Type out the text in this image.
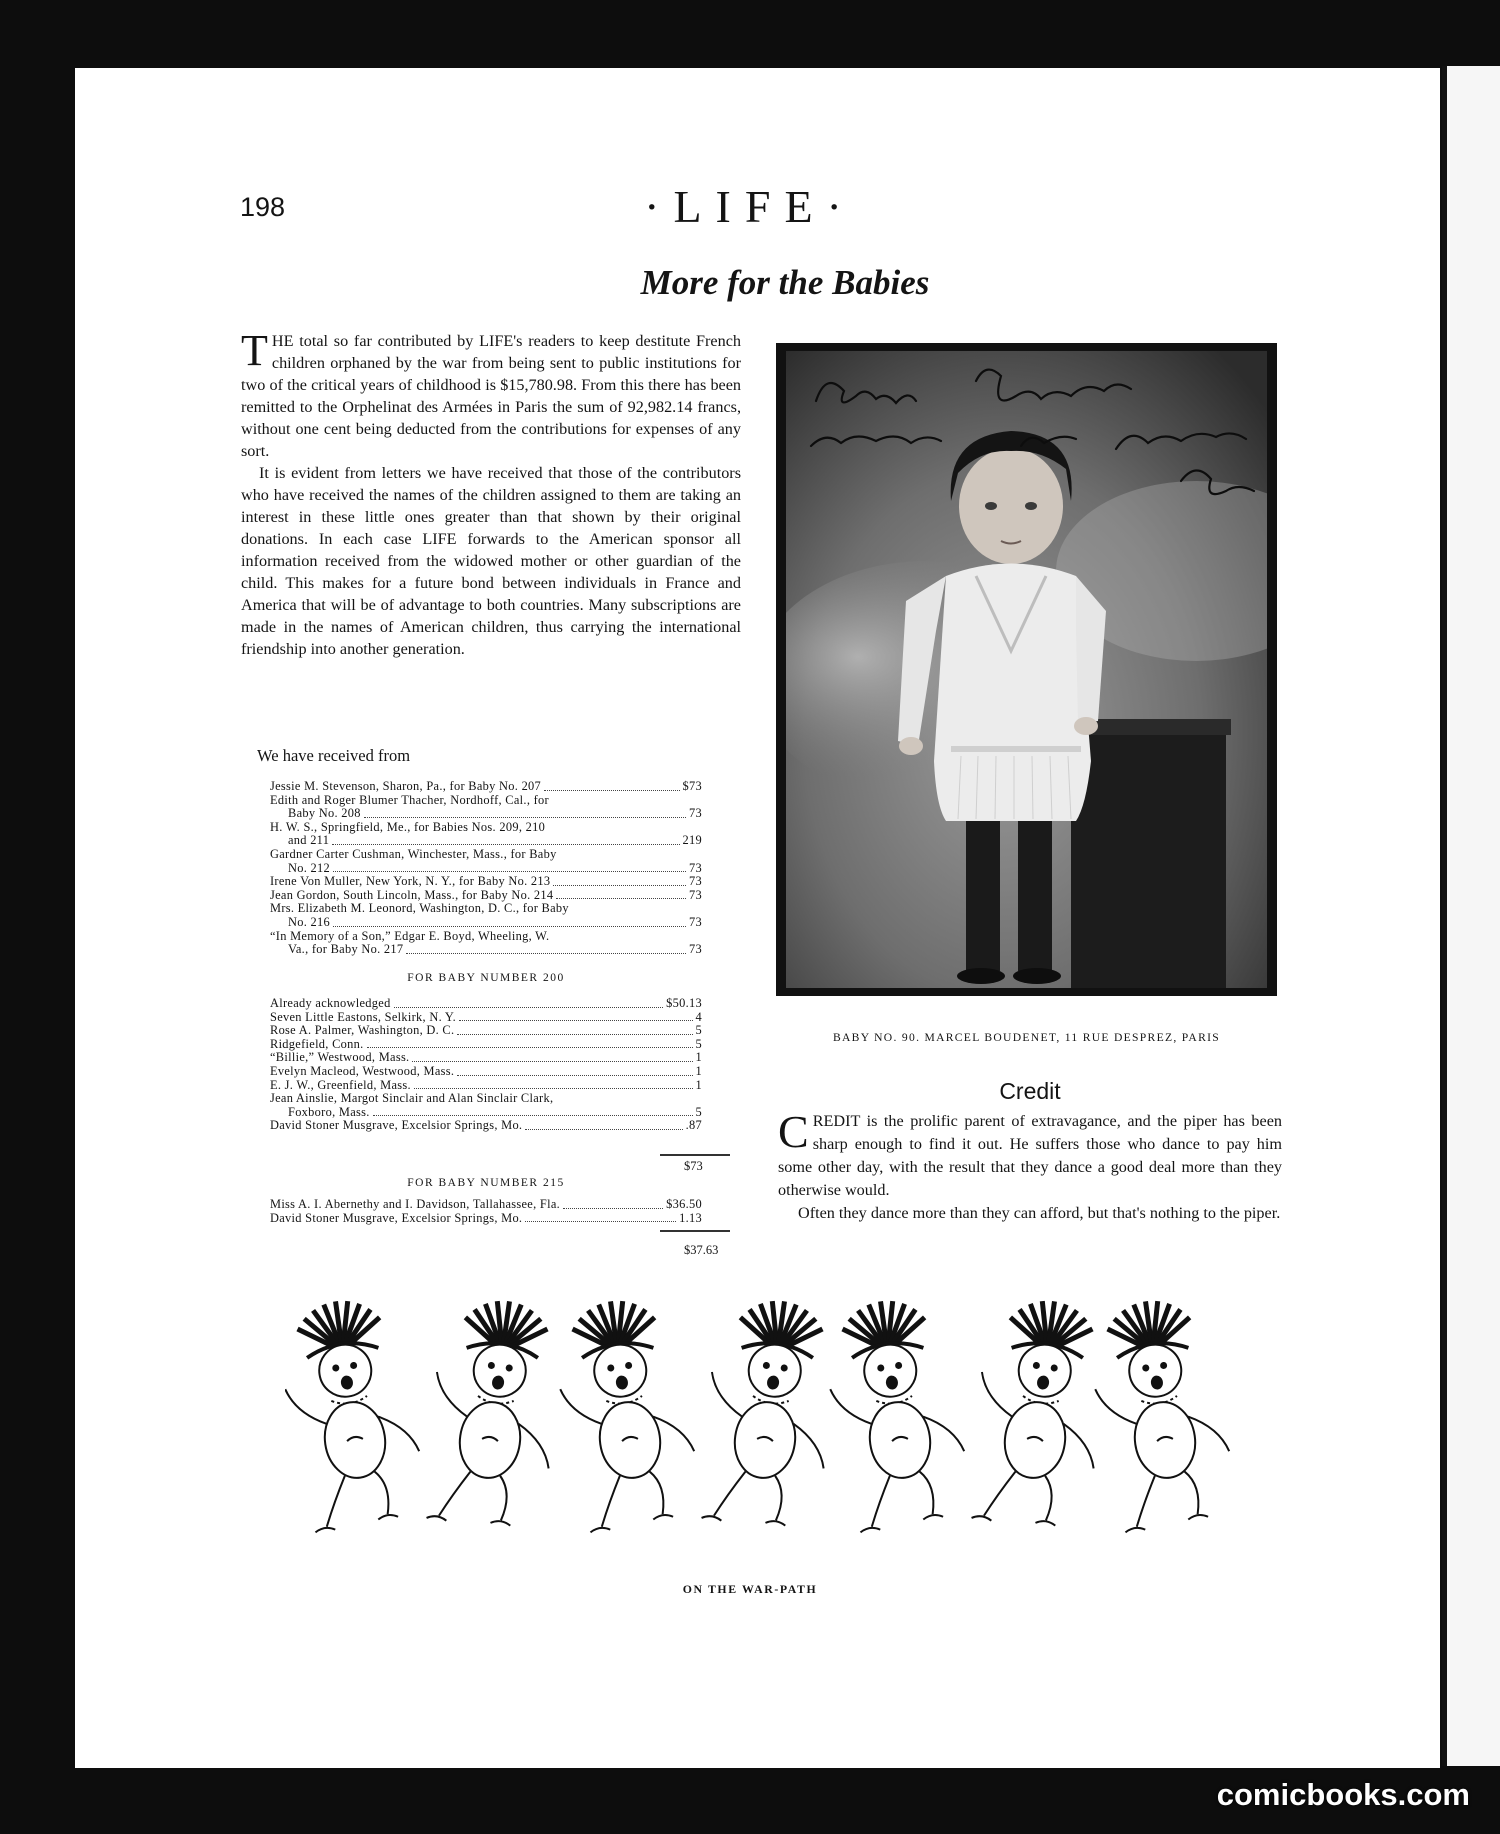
198	·LIFE·
More for the Babies

THE total so far contributed by LIFE's readers to keep destitute French children orphaned by the war from being sent to public institutions for two of the critical years of childhood is $15,780.98. From this there has been remitted to the Orphelinat des Armées in Paris the sum of 92,982.14 francs, without one cent being deducted from the contributions for expenses of any sort.

It is evident from letters we have received that those of the contributors who have received the names of the children assigned to them are taking an interest in these little ones greater than that shown by their original donations. In each case LIFE forwards to the American sponsor all information received from the widowed mother or other guardian of the child. This makes for a future bond between individuals in France and America that will be of advantage to both countries. Many subscriptions are made in the names of American children, thus carrying the international friendship into another generation.

We have received from
Jessie M. Stevenson, Sharon, Pa., for Baby No. 207	$73
Edith and Roger Blumer Thacher, Nordhoff, Cal., for
Baby No. 208	73
H. W. S., Springfield, Me., for Babies Nos. 209, 210
and 211	219
Gardner Carter Cushman, Winchester, Mass., for Baby
No. 212	73
Irene Von Muller, New York, N. Y., for Baby No. 213	73
Jean Gordon, South Lincoln, Mass., for Baby No. 214	73
Mrs. Elizabeth M. Leonord, Washington, D. C., for Baby
No. 216	73
“In Memory of a Son,” Edgar E. Boyd, Wheeling, W.
Va., for Baby No. 217	73
FOR BABY NUMBER 200
Already acknowledged	$50.13
Seven Little Eastons, Selkirk, N. Y.	4
Rose A. Palmer, Washington, D. C.	5
Ridgefield, Conn.	5
“Billie,” Westwood, Mass.	1
Evelyn Macleod, Westwood, Mass.	1
E. J. W., Greenfield, Mass.	1
Jean Ainslie, Margot Sinclair and Alan Sinclair Clark,
Foxboro, Mass.	5
David Stoner Musgrave, Excelsior Springs, Mo.	.87
$73
FOR BABY NUMBER 215
Miss A. I. Abernethy and I. Davidson, Tallahassee, Fla.	$36.50
David Stoner Musgrave, Excelsior Springs, Mo.	1.13
$37.63
BABY NO. 90. MARCEL BOUDENET, 11 RUE DESPREZ, PARIS
Credit

CREDIT is the prolific parent of extravagance, and the piper has been sharp enough to find it out. He suffers those who dance to pay him some other day, with the result that they dance a good deal more than they otherwise would.

Often they dance more than they can afford, but that's nothing to the piper.

ON THE WAR-PATH
comicbooks.com
